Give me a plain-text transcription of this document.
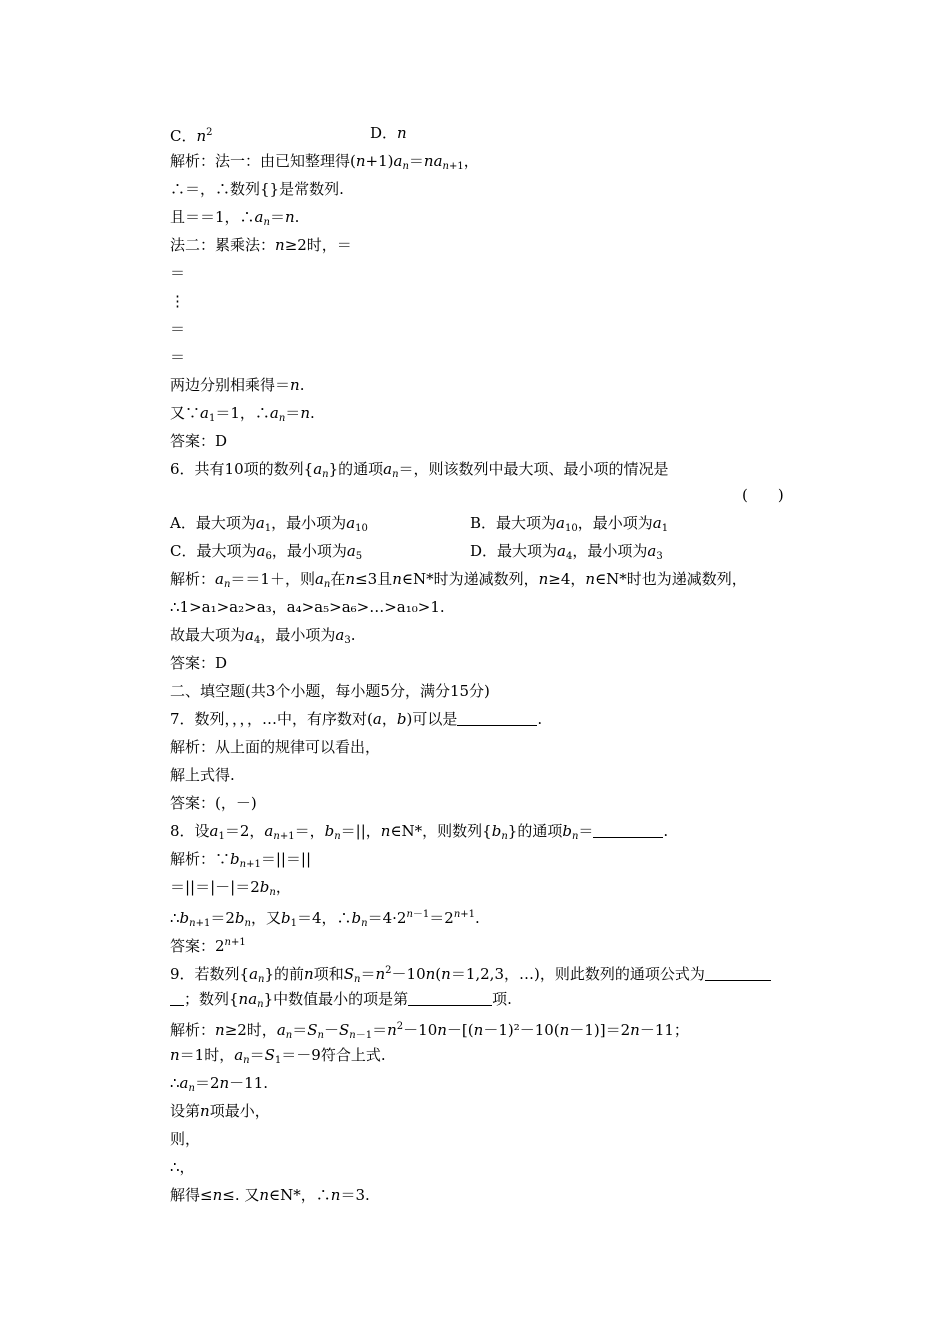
C．$n^2$	D．n
解析：法一：由已知整理得$(n+1)a_n=na_{n+1}$，
∴＝，∴数列{}是常数列.
且＝＝1，$\therefore a_n=n$.
法二：累乘法：n≥2时，＝
＝
⋮
＝
＝
两边分别相乘得＝n.
又$\because a_1=1$，$\therefore a_n=n$.
答案：D
6．共有10项的数列$\{a_n\}$的通项$a_n=$，则该数列中最大项、最小项的情况是
(　　)
A．最大项为$a_1$，最小项为$a_{10}$	B．最大项为$a_{10}$，最小项为$a_1$
C．最大项为$a_6$，最小项为$a_5$	D．最大项为$a_4$，最小项为$a_3$
解析：$a_n==1+$，则$a_n$在n≤3且n∈N*时为递减数列，n≥4，n∈N*时也为递减数列，
∴1>a₁>a₂>a₃，a₄>a₅>a₆>…>a₁₀>1.
故最大项为$a_4$，最小项为$a_3$.
答案：D
二、填空题(共3个小题，每小题5分，满分15分)
7．数列，，，，…中，有序数对(a，b)可以是	.
解析：从上面的规律可以看出，
解上式得.
答案：(，－)
8．设$a_1=2$，$a_{n+1}=$，$b_n=||$，n∈N*，则数列$\{b_n\}$的通项$b_n=$	.
解析：$\because b_{n+1}=||=||$
$=||=|-|=2b_n$，
$\therefore b_{n+1}=2b_n$，又$b_1=4$，$\therefore b_n=4\cdot 2^{n-1}=2^{n+1}$.
答案：$2^{n+1}$
9．若数列$\{a_n\}$的前n项和$S_n=n^2-10n(n=1,2,3$，…)，则此数列的通项公式为
；数列$\{na_n\}$中数值最小的项是第	项.
解析：n≥2时，$a_n=S_n-S_{n-1}=n^2-10n-[(n-1)^2-10(n-1)]=2n-11$；
n＝1时，$a_n=S_1=-9$符合上式.
$\therefore a_n=2n-11$.
设第n项最小，
则，
∴，
解得≤n≤. 又n∈N*，∴n＝3.
